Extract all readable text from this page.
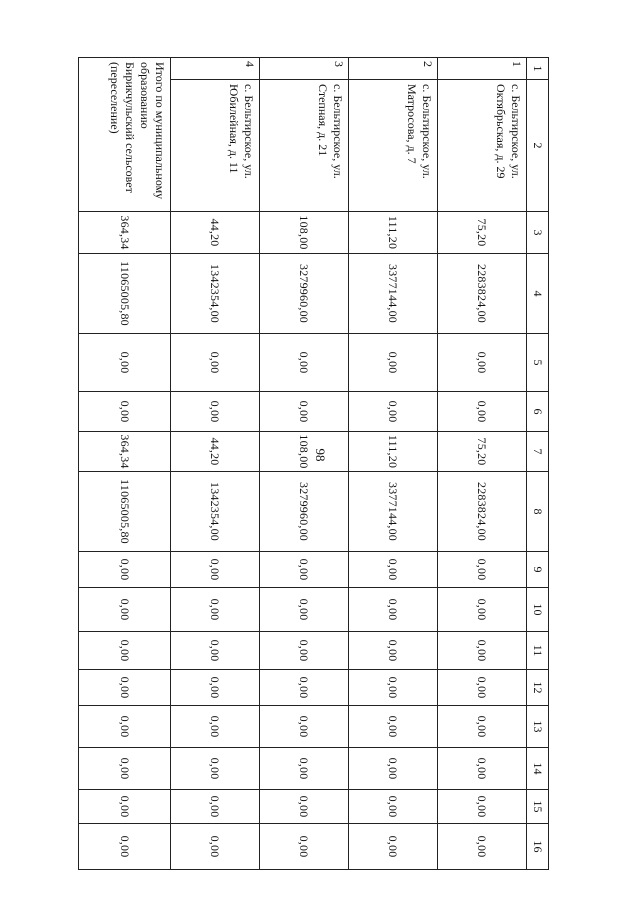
98
1	2	3	4	5	6	7	8	9	10	11	12	13	14	15	16
1	с. Бельтирское, ул. Октябрьская, д. 29	75,20	2283824,00	0,00	0,00	75,20	2283824,00	0,00	0,00	0,00	0,00	0,00	0,00	0,00	0,00
2	с. Бельтирское, ул. Матросова, д. 7	111,20	3377144,00	0,00	0,00	111,20	3377144,00	0,00	0,00	0,00	0,00	0,00	0,00	0,00	0,00
3	с. Бельтирское, ул. Степная, д. 21	108,00	3279960,00	0,00	0,00	108,00	3279960,00	0,00	0,00	0,00	0,00	0,00	0,00	0,00	0,00
4	с. Бельтирское, ул. Юбилейная, д. 11	44,20	1342354,00	0,00	0,00	44,20	1342354,00	0,00	0,00	0,00	0,00	0,00	0,00	0,00	0,00
Итого по муниципальному образованию Бирикчульский сельсовет (переселение)		364,34	11065005,80	0,00	0,00	364,34	11065005,80	0,00	0,00	0,00	0,00	0,00	0,00	0,00	0,00
